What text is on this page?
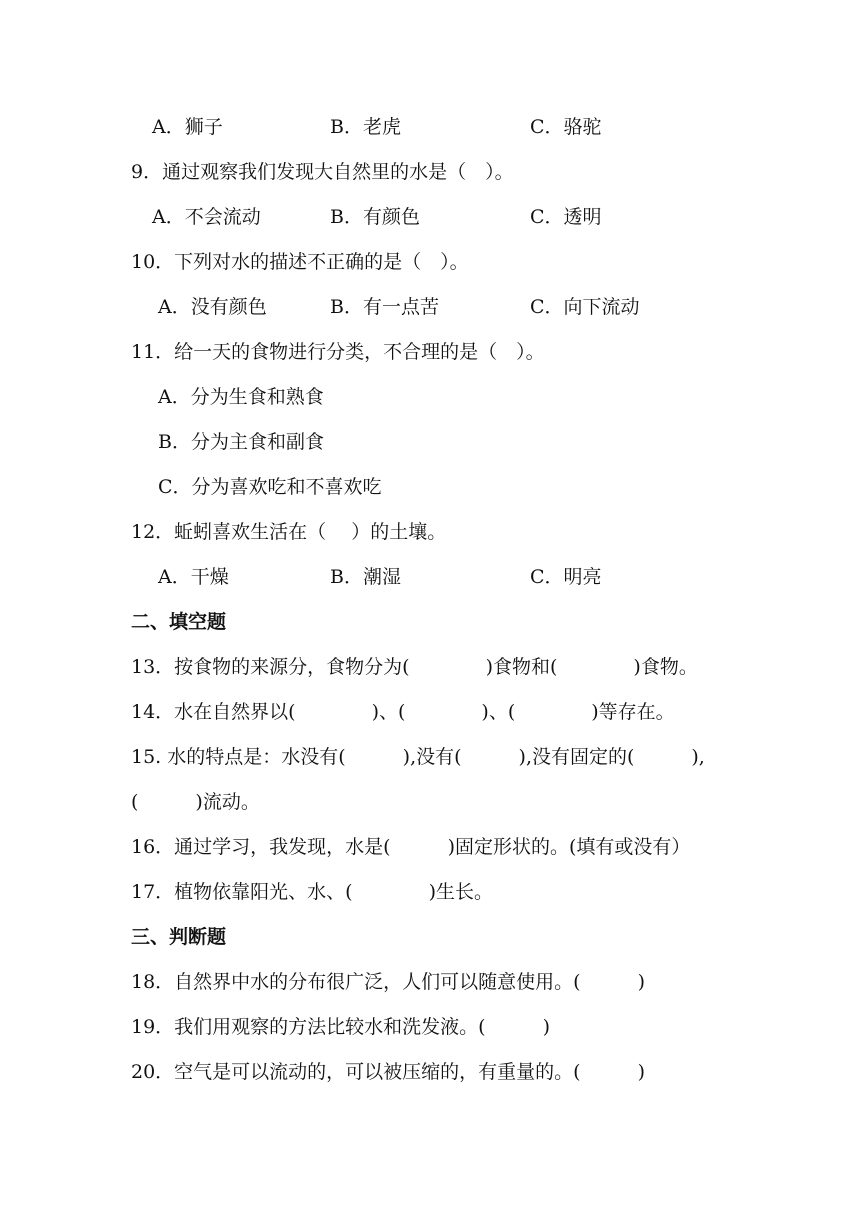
A．狮子	B．老虎	C．骆驼
9．通过观察我们发现大自然里的水是（　）。
A．不会流动	B．有颜色	C．透明
10．下列对水的描述不正确的是（　）。
A．没有颜色	B．有一点苦	C．向下流动
11．给一天的食物进行分类，不合理的是（　）。
A．分为生食和熟食
B．分为主食和副食
C．分为喜欢吃和不喜欢吃
12．蚯蚓喜欢生活在（　 ）的土壤。
A．干燥	B．潮湿	C．明亮
二、填空题
13．按食物的来源分，食物分为(　　　　)食物和(　　　　)食物。
14．水在自然界以(　　　　)、(　　　　)、(　　　　)等存在。
15. 水的特点是：水没有(　　　),没有(　　　),没有固定的(　　　),
(　　　)流动。
16．通过学习，我发现，水是(　　　)固定形状的。(填有或没有）
17．植物依靠阳光、水、(　　　　)生长。
三、判断题
18．自然界中水的分布很广泛，人们可以随意使用。(　　　)
19．我们用观察的方法比较水和洗发液。(　　　)
20．空气是可以流动的，可以被压缩的，有重量的。(　　　)
